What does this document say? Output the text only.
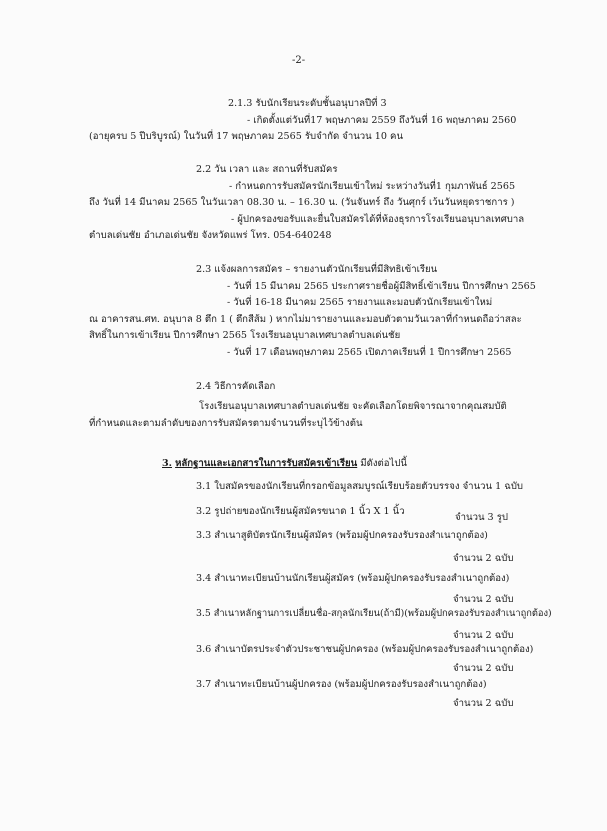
-2-
2.1.3 รับนักเรียนระดับชั้นอนุบาลปีที่ 3
- เกิดตั้งแต่วันที่17 พฤษภาคม 2559 ถึงวันที่ 16 พฤษภาคม 2560
(อายุครบ 5 ปีบริบูรณ์) ในวันที่ 17 พฤษภาคม 2565 รับจำกัด จำนวน 10 คน
2.2 วัน เวลา และ สถานที่รับสมัคร
- กำหนดการรับสมัครนักเรียนเข้าใหม่ ระหว่างวันที่1 กุมภาพันธ์ 2565
ถึง วันที่ 14 มีนาคม 2565 ในวันเวลา 08.30 น. – 16.30 น. (วันจันทร์ ถึง วันศุกร์ เว้นวันหยุดราชการ )
- ผู้ปกครองขอรับและยื่นใบสมัครได้ที่ห้องธุรการโรงเรียนอนุบาลเทศบาล
ตำบลเด่นชัย อำเภอเด่นชัย จังหวัดแพร่ โทร. 054-640248
2.3 แจ้งผลการสมัคร – รายงานตัวนักเรียนที่มีสิทธิเข้าเรียน
- วันที่ 15 มีนาคม 2565 ประกาศรายชื่อผู้มีสิทธิ์เข้าเรียน ปีการศึกษา 2565
- วันที่ 16-18 มีนาคม 2565 รายงานและมอบตัวนักเรียนเข้าใหม่
ณ อาคารสน.ศท. อนุบาล 8 ตึก 1 ( ตึกสีส้ม ) หากไม่มารายงานและมอบตัวตามวันเวลาที่กำหนดถือว่าสละ
สิทธิ์ในการเข้าเรียน ปีการศึกษา 2565 โรงเรียนอนุบาลเทศบาลตำบลเด่นชัย
- วันที่ 17 เดือนพฤษภาคม 2565 เปิดภาคเรียนที่ 1 ปีการศึกษา 2565
2.4 วิธีการคัดเลือก
โรงเรียนอนุบาลเทศบาลตำบลเด่นชัย จะคัดเลือกโดยพิจารณาจากคุณสมบัติ
ที่กำหนดและตามลำดับของการรับสมัครตามจำนวนที่ระบุไว้ข้างต้น
3. หลักฐานและเอกสารในการรับสมัครเข้าเรียน มีดังต่อไปนี้
3.1 ใบสมัครของนักเรียนที่กรอกข้อมูลสมบูรณ์เรียบร้อยตัวบรรจง จำนวน 1 ฉบับ
3.2 รูปถ่ายของนักเรียนผู้สมัครขนาด 1 นิ้ว X 1 นิ้ว
จำนวน 3 รูป
3.3 สำเนาสูติบัตรนักเรียนผู้สมัคร (พร้อมผู้ปกครองรับรองสำเนาถูกต้อง)
จำนวน 2 ฉบับ
3.4 สำเนาทะเบียนบ้านนักเรียนผู้สมัคร (พร้อมผู้ปกครองรับรองสำเนาถูกต้อง)
จำนวน 2 ฉบับ
3.5 สำเนาหลักฐานการเปลี่ยนชื่อ-สกุลนักเรียน(ถ้ามี)(พร้อมผู้ปกครองรับรองสำเนาถูกต้อง)
จำนวน 2 ฉบับ
3.6 สำเนาบัตรประจำตัวประชาชนผู้ปกครอง (พร้อมผู้ปกครองรับรองสำเนาถูกต้อง)
จำนวน 2 ฉบับ
3.7 สำเนาทะเบียนบ้านผู้ปกครอง (พร้อมผู้ปกครองรับรองสำเนาถูกต้อง)
จำนวน 2 ฉบับ
